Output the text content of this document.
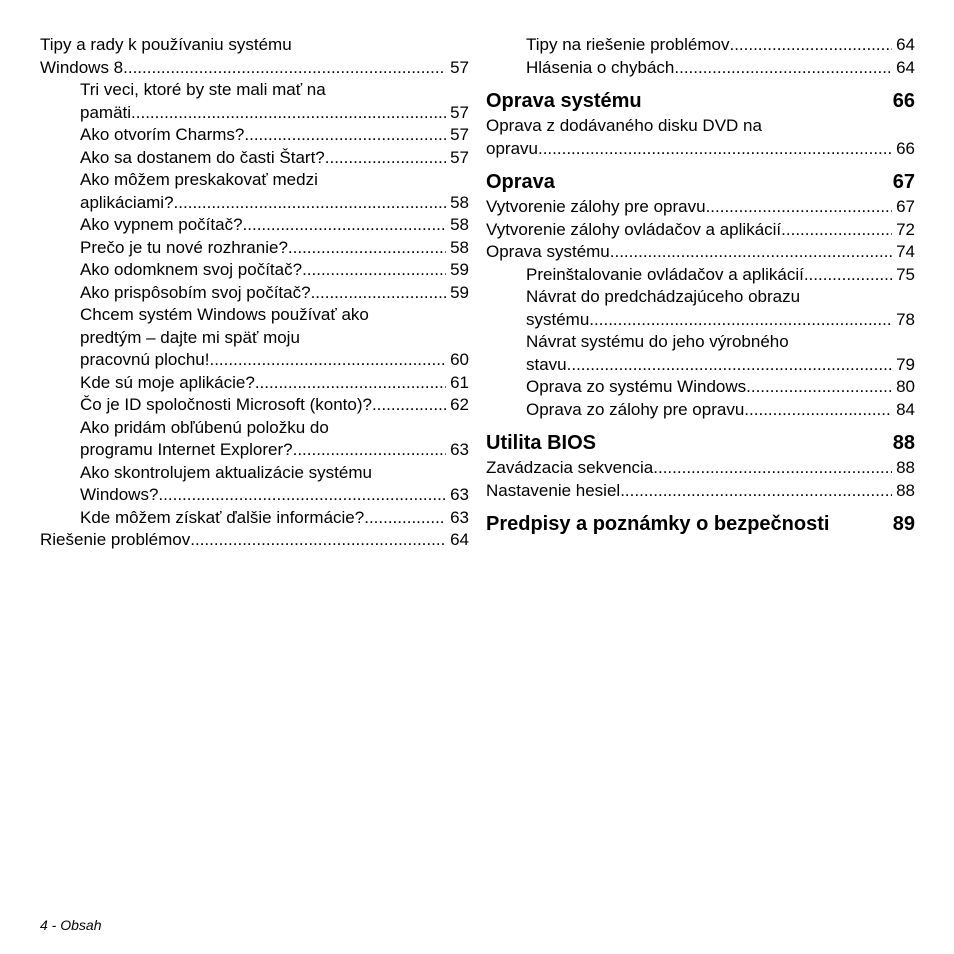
Tipy a rady k používaniu systému
Windows 8 .....	57
Tri veci, ktoré by ste mali mať na
pamäti .....	57
Ako otvorím Charms? .....	57
Ako sa dostanem do časti Štart? .....	57
Ako môžem preskakovať medzi
aplikáciami? .....	58
Ako vypnem počítač? .....	58
Prečo je tu nové rozhranie? .....	58
Ako odomknem svoj počítač? .....	59
Ako prispôsobím svoj počítač? .....	59
Chcem systém Windows používať ako
predtým – dajte mi späť moju
pracovnú plochu! .....	60
Kde sú moje aplikácie? .....	61
Čo je ID spoločnosti Microsoft (konto)? .....	62
Ako pridám obľúbenú položku do
programu Internet Explorer? .....	63
Ako skontrolujem aktualizácie systému
Windows? .....	63
Kde môžem získať ďalšie informácie? .....	63
Riešenie problémov .....	64
Tipy na riešenie problémov .....	64
Hlásenia o chybách .....	64
Oprava systému	66
Oprava z dodávaného disku DVD na
opravu .....	66
Oprava	67
Vytvorenie zálohy pre opravu .....	67
Vytvorenie zálohy ovládačov a aplikácií .....	72
Oprava systému .....	74
Preinštalovanie ovládačov a aplikácií .....	75
Návrat do predchádzajúceho obrazu
systému .....	78
Návrat systému do jeho výrobného
stavu .....	79
Oprava zo systému Windows .....	80
Oprava zo zálohy pre opravu .....	84
Utilita BIOS	88
Zavádzacia sekvencia .....	88
Nastavenie hesiel .....	88
Predpisy a poznámky o bezpečnosti	89
4 - Obsah
